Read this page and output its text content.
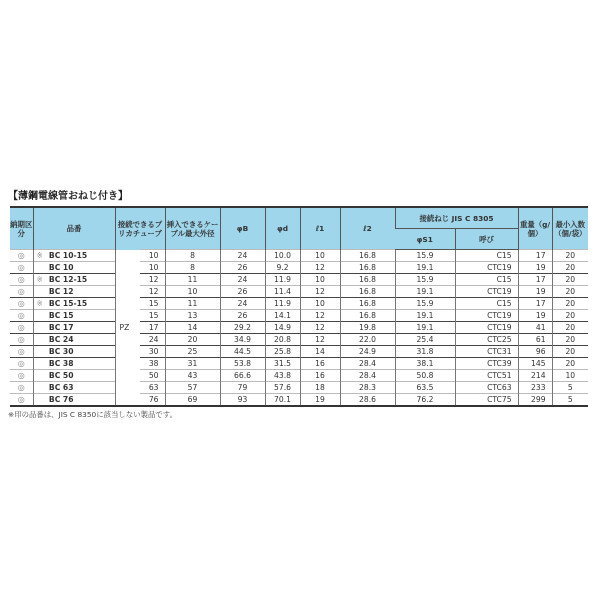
【薄鋼電線管おねじ付き】
納期区分	品番	接続できるプリカチューブ		挿入できるケーブル最大外径	φB	φd	ℓ1	ℓ2	接続ねじ JIS C 8305		重量（g/個）	最小入数（個/袋）
									φS1	呼び		
◎	※ BC 10-15	PZ	10	8	24	10.0	10	16.8	15.9	C15	17	20
◎	BC 10		10	8	26	9.2	12	16.8	19.1	CTC19	19	20
◎	※ BC 12-15		12	11	24	11.9	10	16.8	15.9	C15	17	20
◎	BC 12		12	10	26	11.4	12	16.8	19.1	CTC19	19	20
◎	※ BC 15-15		15	11	24	11.9	10	16.8	15.9	C15	17	20
◎	BC 15		15	13	26	14.1	12	16.8	19.1	CTC19	19	20
◎	BC 17		17	14	29.2	14.9	12	19.8	19.1	CTC19	41	20
◎	BC 24		24	20	34.9	20.8	12	22.0	25.4	CTC25	61	20
◎	BC 30		30	25	44.5	25.8	14	24.9	31.8	CTC31	96	20
◎	BC 38		38	31	53.8	31.5	16	28.4	38.1	CTC39	145	20
◎	BC 50		50	43	66.6	43.8	16	28.4	50.8	CTC51	214	10
◎	BC 63		63	57	79	57.6	18	28.3	63.5	CTC63	233	5
◎	BC 76		76	69	93	70.1	19	28.6	76.2	CTC75	299	5
※印の品番は、JIS C 8350に該当しない製品です。
